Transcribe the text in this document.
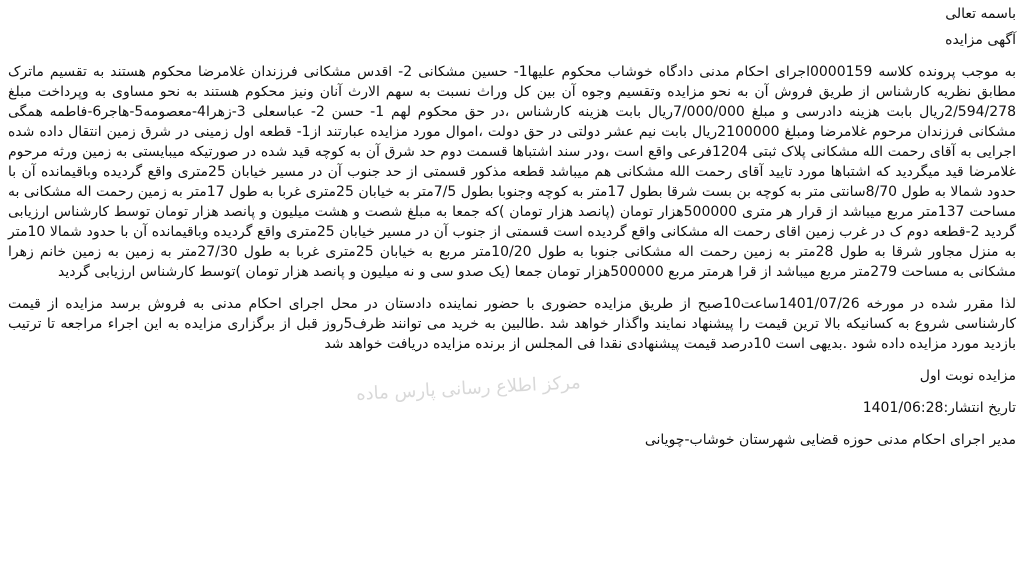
باسمه تعالی

آگهی مزایده

به موجب پرونده کلاسه 0000159اجرای احکام مدنی دادگاه خوشاب محکوم علیها1- حسین مشکانی 2- اقدس مشکانی فرزندان غلامرضا محکوم هستند به تقسیم ماترک مطابق نظریه کارشناس از طریق فروش آن به نحو مزایده وتقسیم وجوه آن بین کل وراث نسبت به سهم الارث آنان ونیز محکوم هستند به نحو مساوی به وپرداخت مبلغ 2/594/278ریال بابت هزینه دادرسی و مبلغ 7/000/000ریال بابت هزینه کارشناس ،در حق محکوم لهم 1- حسن 2- عباسعلی 3-زهرا4-معصومه5-هاجر6-فاطمه همگی مشکانی فرزندان مرحوم غلامرضا ومبلغ 2100000ریال بابت نیم عشر دولتی در حق دولت ،اموال مورد مزایده عبارتند از1- قطعه اول زمینی در شرق زمین انتقال داده شده اجرایی به آقای رحمت الله مشکانی پلاک ثبتی 1204فرعی واقع است ،ودر سند اشتباها قسمت دوم حد شرق آن به کوچه قید شده در صورتیکه میبایستی به زمین ورثه مرحوم غلامرضا قید میگردید که اشتباها مورد تایید آقای رحمت الله مشکانی هم میباشد قطعه مذکور قسمتی از حد جنوب آن در مسیر خیابان 25متری واقع گردیده وباقیمانده آن با حدود شمالا به طول 8/70سانتی متر به کوچه بن بست شرقا بطول 17متر به کوچه وجنوبا بطول 7/5متر به خیابان 25متری غربا به طول 17متر به زمین رحمت اله مشکانی به مساحت 137متر مربع میباشد از قرار هر متری 500000هزار تومان (پانصد هزار تومان )که جمعا به مبلغ شصت و هشت میلیون و پانصد هزار تومان توسط کارشناس ارزیابی گردید 2-قطعه دوم ک در غرب زمین اقای رحمت اله مشکانی واقع گردیده است قسمتی از جنوب آن در مسیر خیابان 25متری واقع گردیده وباقیمانده آن با حدود شمالا 10متر به منزل مجاور شرقا به طول 28متر به زمین رحمت اله مشکانی جنوبا به طول 10/20متر مربع به خیابان 25متری غربا به طول 27/30متر به زمین به زمین خانم زهرا مشکانی به مساحت 279متر مربع میباشد از قرا هرمتر مربع 500000هزار تومان جمعا (یک صدو سی و نه میلیون و پانصد هزار تومان )توسط کارشناس ارزیابی گردید

لذا مقرر شده در مورخه 1401/07/26ساعت10صبح از طریق مزایده حضوری با حضور نماینده دادستان در محل اجرای احکام مدنی به فروش برسد مزایده از قیمت کارشناسی شروع به کسانیکه بالا ترین قیمت را پیشنهاد نمایند واگذار خواهد شد .طالبین به خرید می توانند ظرف5روز قبل از برگزاری مزایده به این اجراء مراجعه تا ترتیب بازدید مورد مزایده داده شود .بدیهی است 10درصد قیمت پیشنهادی نقدا فی المجلس از برنده مزایده دریافت خواهد شد

مزایده نوبت اول

تاریخ انتشار:1401/06:28

مدیر اجرای احکام مدنی حوزه قضایی شهرستان خوشاب-چویانی

مرکز اطلاع رسانی پارس ماده
